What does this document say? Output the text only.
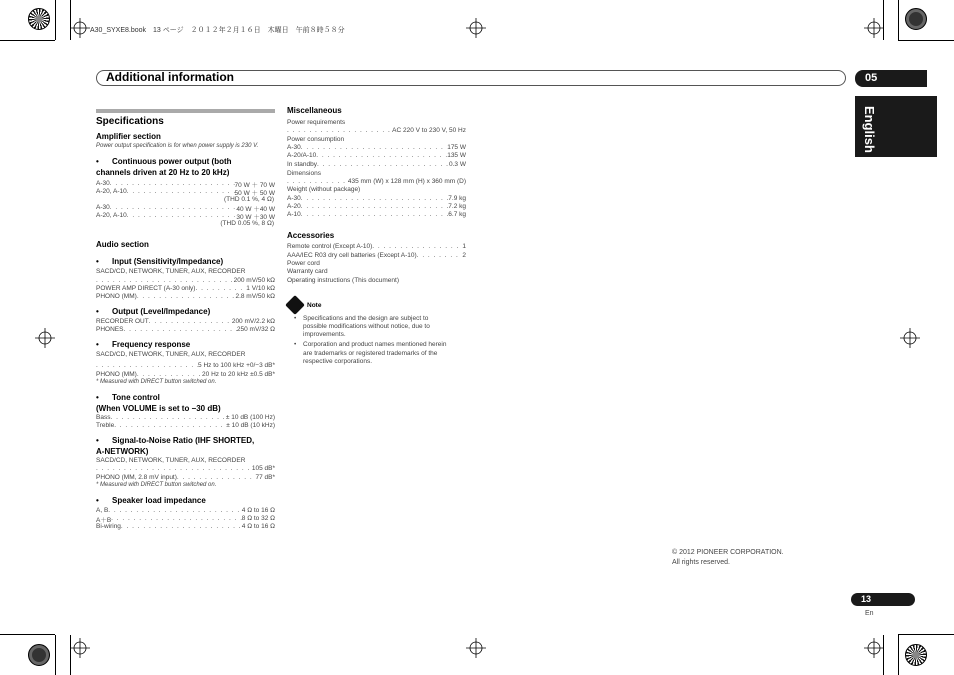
A30_SYXE8.book　13 ページ　２０１２年２月１６日　木曜日　午前８時５８分
Additional information	05
English
Specifications
Amplifier section
Power output specification is for when power supply is 230 V.
• Continuous power output (both
channels driven at 20 Hz to 20 kHz)
A-30 . . .	70 W ＋ 70 W
A-20, A-10 . . .	50 W ＋ 50 W
(THD 0.1 %, 4 Ω)
A-30 . . .	40 W ＋40 W
A-20, A-10 . . .	30 W ＋30 W
(THD 0.05 %, 8 Ω)
Audio section
• Input (Sensitivity/Impedance)
SACD/CD, NETWORK, TUNER, AUX, RECORDER
. . .
200 mV/50 kΩ
POWER AMP DIRECT (A-30 only) . . .	1 V/10 kΩ
PHONO (MM) . . .	2.8 mV/50 kΩ
• Output (Level/Impedance)
RECORDER OUT . . .	200 mV/2.2 kΩ
PHONES . . .	250 mV/32 Ω
• Frequency response
SACD/CD, NETWORK, TUNER, AUX, RECORDER
. . .
5 Hz to 100 kHz +0/−3 dB*
PHONO (MM) . . .	20 Hz to 20 kHz ±0.5 dB*
* Measured with DIRECT button switched on.
• Tone control
(When VOLUME is set to −30 dB)
Bass . . .	± 10 dB (100 Hz)
Treble . . .	± 10 dB (10 kHz)
• Signal-to-Noise Ratio (IHF SHORTED,
A-NETWORK)
SACD/CD, NETWORK, TUNER, AUX, RECORDER
. . .
105 dB*
PHONO (MM, 2.8 mV input) . . .	77 dB*
* Measured with DIRECT button switched on.
• Speaker load impedance
A, B . . .	4 Ω to 16 Ω
A＋B . . .	8 Ω to 32 Ω
Bi-wiring . . .	4 Ω to 16 Ω
Miscellaneous
Power requirements
. . .
AC 220 V to 230 V, 50 Hz
Power consumption
A-30 . . .	175 W
A-20/A-10 . . .	135 W
In standby . . .	0.3 W
Dimensions
. . .
435 mm (W) x 128 mm (H) x 360 mm (D)
Weight (without package)
A-30 . . .	7.9 kg
A-20 . . .	7.2 kg
A-10 . . .	6.7 kg
Accessories
Remote control (Except A-10) . . .	1
AAA/IEC R03 dry cell batteries (Except A-10) . . .	2
Power cord
Warranty card
Operating instructions (This document)
Note
• Specifications and the design are subject to
possible modifications without notice, due to
improvements.
• Corporation and product names mentioned herein
are trademarks or registered trademarks of the
respective corporations.
© 2012 PIONEER CORPORATION.
All rights reserved.
13
En
